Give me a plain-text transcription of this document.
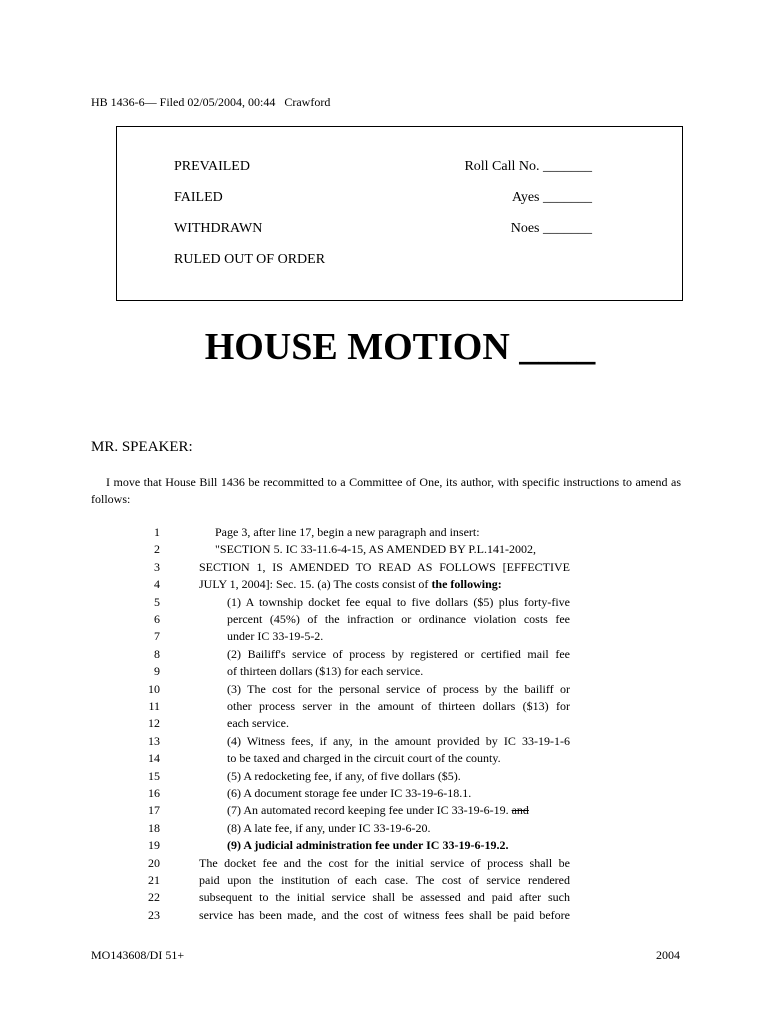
HB 1436-6— Filed 02/05/2004, 00:44   Crawford
PREVAILED
FAILED
WITHDRAWN
RULED OUT OF ORDER
Roll Call No. _______
Ayes _______
Noes _______
HOUSE MOTION ____
MR. SPEAKER:
I move that House Bill 1436 be recommitted to a Committee of One, its author, with specific instructions to amend as follows:
1	Page 3, after line 17, begin a new paragraph and insert:
2	"SECTION 5. IC 33-11.6-4-15, AS AMENDED BY P.L.141-2002,
3	SECTION 1, IS AMENDED TO READ AS FOLLOWS [EFFECTIVE
4	JULY 1, 2004]: Sec. 15. (a) The costs consist of the following:
5	(1) A township docket fee equal to five dollars ($5) plus forty-five
6	percent (45%) of the infraction or ordinance violation costs fee
7	under IC 33-19-5-2.
8	(2) Bailiff's service of process by registered or certified mail fee
9	of thirteen dollars ($13) for each service.
10	(3) The cost for the personal service of process by the bailiff or
11	other process server in the amount of thirteen dollars ($13) for
12	each service.
13	(4) Witness fees, if any, in the amount provided by IC 33-19-1-6
14	to be taxed and charged in the circuit court of the county.
15	(5) A redocketing fee, if any, of five dollars ($5).
16	(6) A document storage fee under IC 33-19-6-18.1.
17	(7) An automated record keeping fee under IC 33-19-6-19. and
18	(8) A late fee, if any, under IC 33-19-6-20.
19	(9) A judicial administration fee under IC 33-19-6-19.2.
20	The docket fee and the cost for the initial service of process shall be
21	paid upon the institution of each case. The cost of service rendered
22	subsequent to the initial service shall be assessed and paid after such
23	service has been made, and the cost of witness fees shall be paid before
MO143608/DI 51+	2004
